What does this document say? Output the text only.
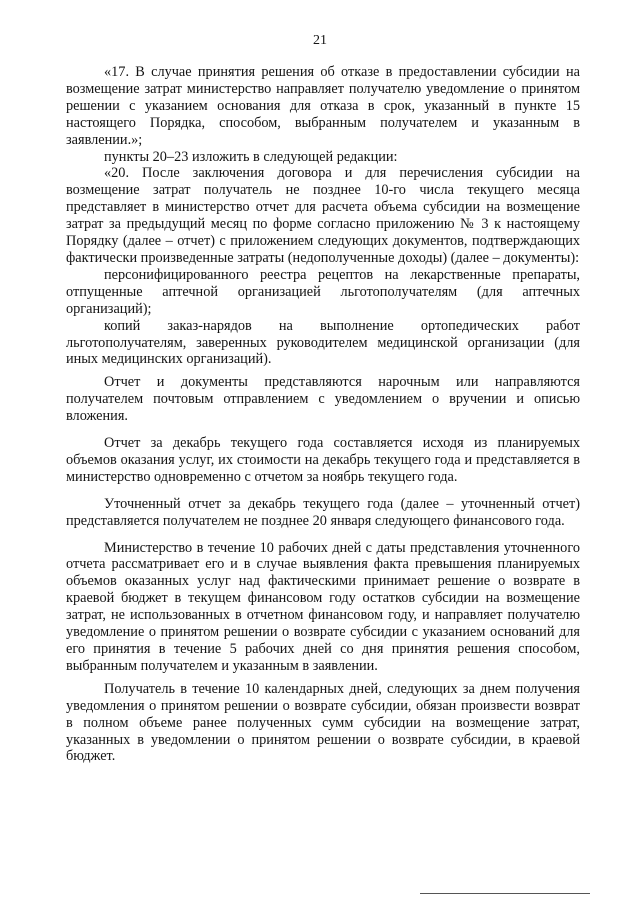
21

«17. В случае принятия решения об отказе в предоставлении субсидии на возмещение затрат министерство направляет получателю уведомление о принятом решении с указанием основания для отказа в срок, указанный в пункте 15 настоящего Порядка, способом, выбранным получателем и указанным в заявлении.»;

пункты 20–23 изложить в следующей редакции:

«20. После заключения договора и для перечисления субсидии на возмещение затрат получатель не позднее 10-го числа текущего месяца представляет в министерство отчет для расчета объема субсидии на возмещение затрат за предыдущий месяц по форме согласно приложению № 3 к настоящему Порядку (далее – отчет) с приложением следующих документов, подтверждающих фактически произведенные затраты (недополученные доходы) (далее – документы):

персонифицированного реестра рецептов на лекарственные препараты, отпущенные аптечной организацией льготополучателям (для аптечных организаций);

копий заказ-нарядов на выполнение ортопедических работ льготополучателям, заверенных руководителем медицинской организации (для иных медицинских организаций).

Отчет и документы представляются нарочным или направляются получателем почтовым отправлением с уведомлением о вручении и описью вложения.

Отчет за декабрь текущего года составляется исходя из планируемых объемов оказания услуг, их стоимости на декабрь текущего года и представляется в министерство одновременно с отчетом за ноябрь текущего года.

Уточненный отчет за декабрь текущего года (далее – уточненный отчет) представляется получателем не позднее 20 января следующего финансового года.

Министерство в течение 10 рабочих дней с даты представления уточненного отчета рассматривает его и в случае выявления факта превышения планируемых объемов оказанных услуг над фактическими принимает решение о возврате в краевой бюджет в текущем финансовом году остатков субсидии на возмещение затрат, не использованных в отчетном финансовом году, и направляет получателю уведомление о принятом решении о возврате субсидии с указанием оснований для его принятия в течение 5 рабочих дней со дня принятия решения способом, выбранным получателем и указанным в заявлении.

Получатель в течение 10 календарных дней, следующих за днем получения уведомления о принятом решении о возврате субсидии, обязан произвести возврат в полном объеме ранее полученных сумм субсидии на возмещение затрат, указанных в уведомлении о принятом решении о возврате субсидии, в краевой бюджет.
